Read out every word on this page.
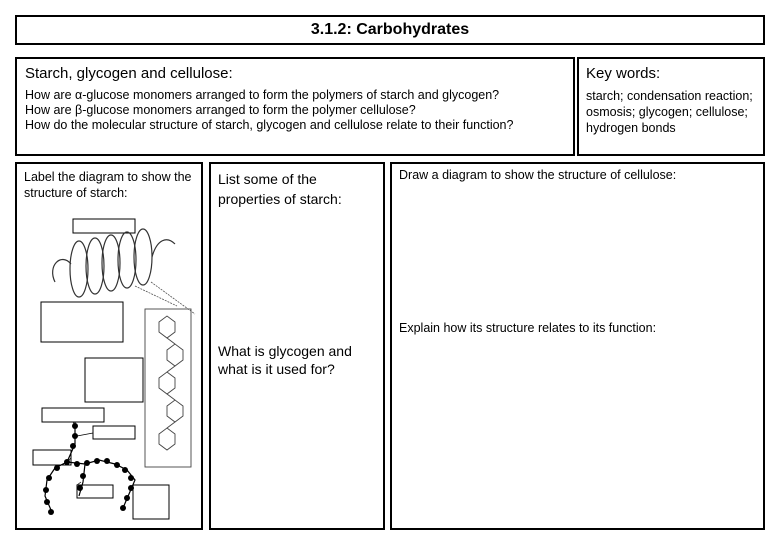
3.1.2: Carbohydrates
Starch, glycogen and cellulose:
How are α-glucose monomers arranged to form the polymers of starch and glycogen?
How are β-glucose monomers arranged to form the polymer cellulose?
How do the molecular structure of starch, glycogen and cellulose relate to their function?
Key words:
starch; condensation reaction; osmosis; glycogen; cellulose; hydrogen bonds
Label the diagram to show the structure of starch:
List some of the properties of starch:
What is glycogen and what is it used for?
Draw a diagram to show the structure of cellulose:
Explain how its structure relates to its function:
